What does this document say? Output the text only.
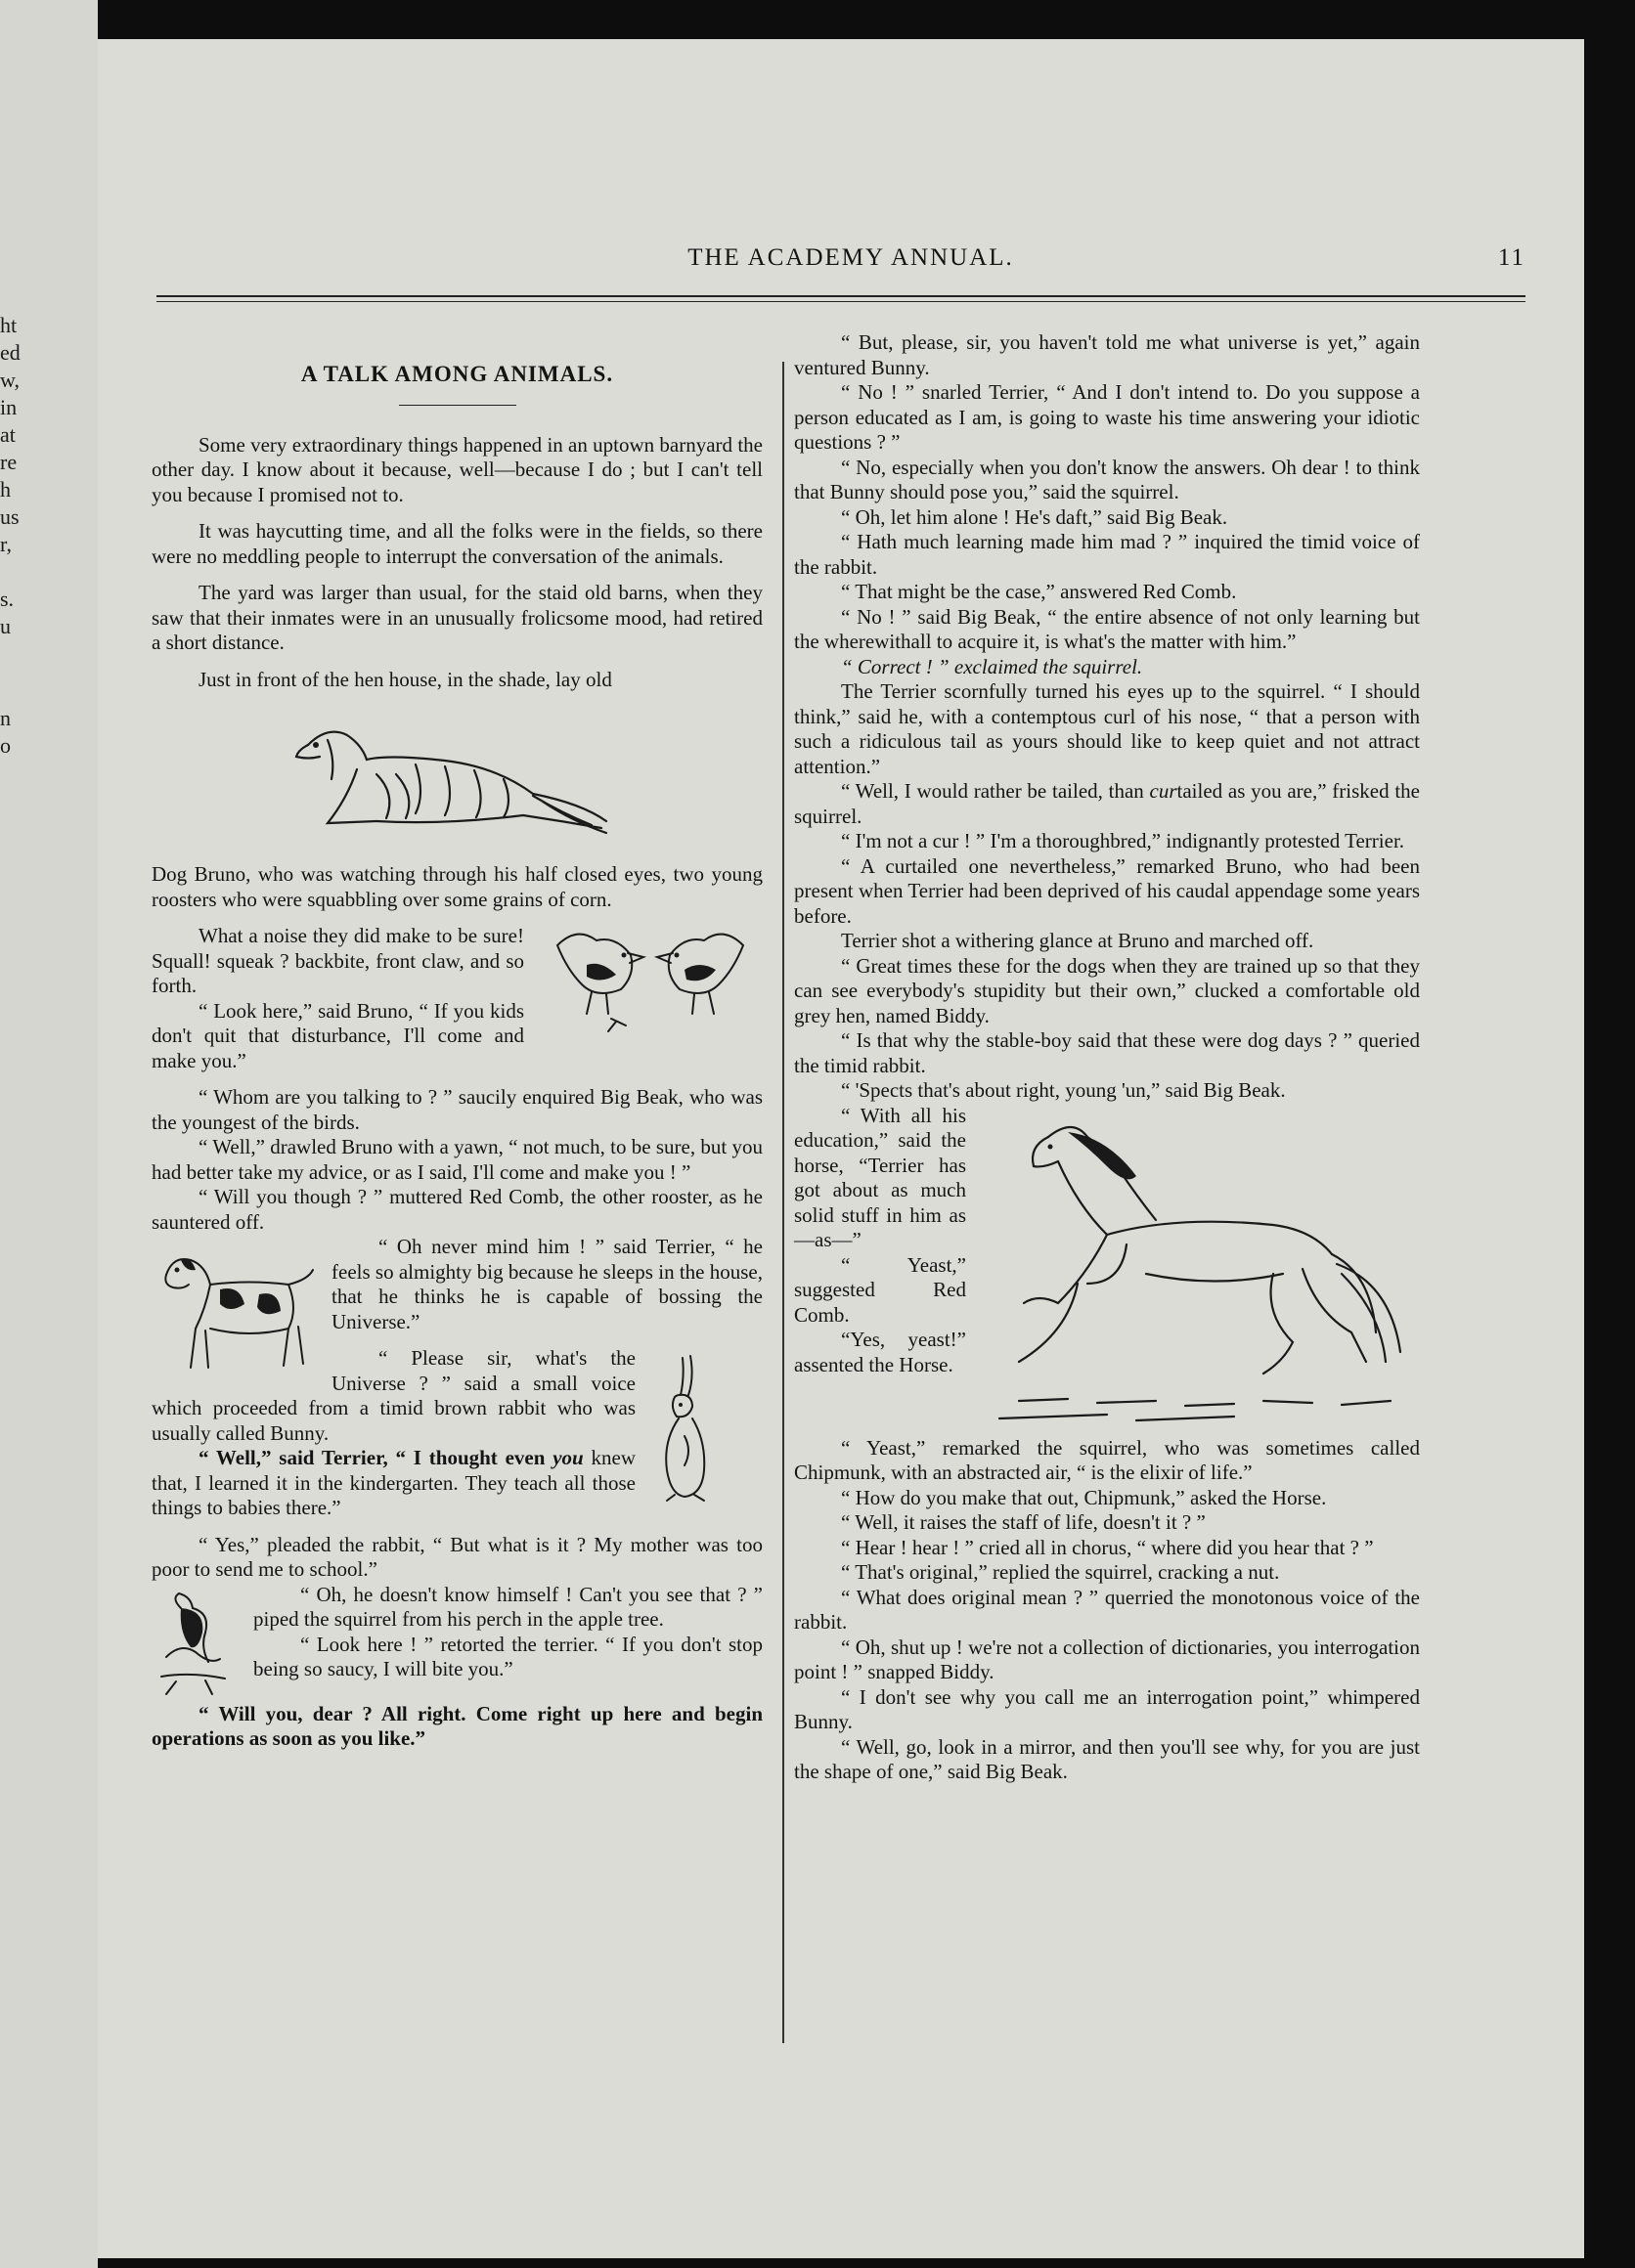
ht
ed
w,
in
at
re
h
us
r,
s.
u
n
o
THE ACADEMY ANNUAL.	11
A TALK AMONG ANIMALS.

Some very extraordinary things happened in an uptown barnyard the other day. I know about it because, well—because I do ; but I can't tell you because I promised not to.

It was haycutting time, and all the folks were in the fields, so there were no meddling people to interrupt the conversation of the animals.

The yard was larger than usual, for the staid old barns, when they saw that their inmates were in an unusually frolicsome mood, had retired a short distance.

Just in front of the hen house, in the shade, lay old

Dog Bruno, who was watching through his half closed eyes, two young roosters who were squabbling over some grains of corn.

What a noise they did make to be sure! Squall! squeak ? backbite, front claw, and so forth.

“ Look here,” said Bruno, “ If you kids don't quit that disturbance, I'll come and make you.”

“ Whom are you talking to ? ” saucily enquired Big Beak, who was the youngest of the birds.

“ Well,” drawled Bruno with a yawn, “ not much, to be sure, but you had better take my advice, or as I said, I'll come and make you ! ”

“ Will you though ? ” muttered Red Comb, the other rooster, as he sauntered off.

“ Oh never mind him ! ” said Terrier, “ he feels so almighty big because he sleeps in the house, that he thinks he is capable of bossing the Universe.”

“ Please sir, what's the Universe ? ” said a small voice which proceeded from a timid brown rabbit who was usually called Bunny.

“ Well,” said Terrier, “ I thought even you knew that, I learned it in the kindergarten. They teach all those things to babies there.”

“ Yes,” pleaded the rabbit, “ But what is it ? My mother was too poor to send me to school.”

“ Oh, he doesn't know himself ! Can't you see that ? ” piped the squirrel from his perch in the apple tree.

“ Look here ! ” retorted the terrier. “ If you don't stop being so saucy, I will bite you.”

“ Will you, dear ? All right. Come right up here and begin operations as soon as you like.”

“ But, please, sir, you haven't told me what universe is yet,” again ventured Bunny.

“ No ! ” snarled Terrier, “ And I don't intend to. Do you suppose a person educated as I am, is going to waste his time answering your idiotic questions ? ”

“ No, especially when you don't know the answers. Oh dear ! to think that Bunny should pose you,” said the squirrel.

“ Oh, let him alone ! He's daft,” said Big Beak.

“ Hath much learning made him mad ? ” inquired the timid voice of the rabbit.

“ That might be the case,” answered Red Comb.

“ No ! ” said Big Beak, “ the entire absence of not only learning but the wherewithall to acquire it, is what's the matter with him.”

“ Correct ! ” exclaimed the squirrel.

The Terrier scornfully turned his eyes up to the squirrel. “ I should think,” said he, with a contemptous curl of his nose, “ that a person with such a ridiculous tail as yours should like to keep quiet and not attract attention.”

“ Well, I would rather be tailed, than curtailed as you are,” frisked the squirrel.

“ I'm not a cur ! ” I'm a thoroughbred,” indignantly protested Terrier.

“ A curtailed one nevertheless,” remarked Bruno, who had been present when Terrier had been deprived of his caudal appendage some years before.

Terrier shot a withering glance at Bruno and marched off.

“ Great times these for the dogs when they are trained up so that they can see everybody's stupidity but their own,” clucked a comfortable old grey hen, named Biddy.

“ Is that why the stable-boy said that these were dog days ? ” queried the timid rabbit.

“ 'Spects that's about right, young 'un,” said Big Beak.

“ With all his education,” said the horse, “Terrier has got about as much solid stuff in him as—as—”

“ Yeast,” suggested Red Comb.

“Yes, yeast!” assented the Horse.

“ Yeast,” remarked the squirrel, who was sometimes called Chipmunk, with an abstracted air, “ is the elixir of life.”

“ How do you make that out, Chipmunk,” asked the Horse.

“ Well, it raises the staff of life, doesn't it ? ”

“ Hear ! hear ! ” cried all in chorus, “ where did you hear that ? ”

“ That's original,” replied the squirrel, cracking a nut.

“ What does original mean ? ” querried the monotonous voice of the rabbit.

“ Oh, shut up ! we're not a collection of dictionaries, you interrogation point ! ” snapped Biddy.

“ I don't see why you call me an interrogation point,” whimpered Bunny.

“ Well, go, look in a mirror, and then you'll see why, for you are just the shape of one,” said Big Beak.
